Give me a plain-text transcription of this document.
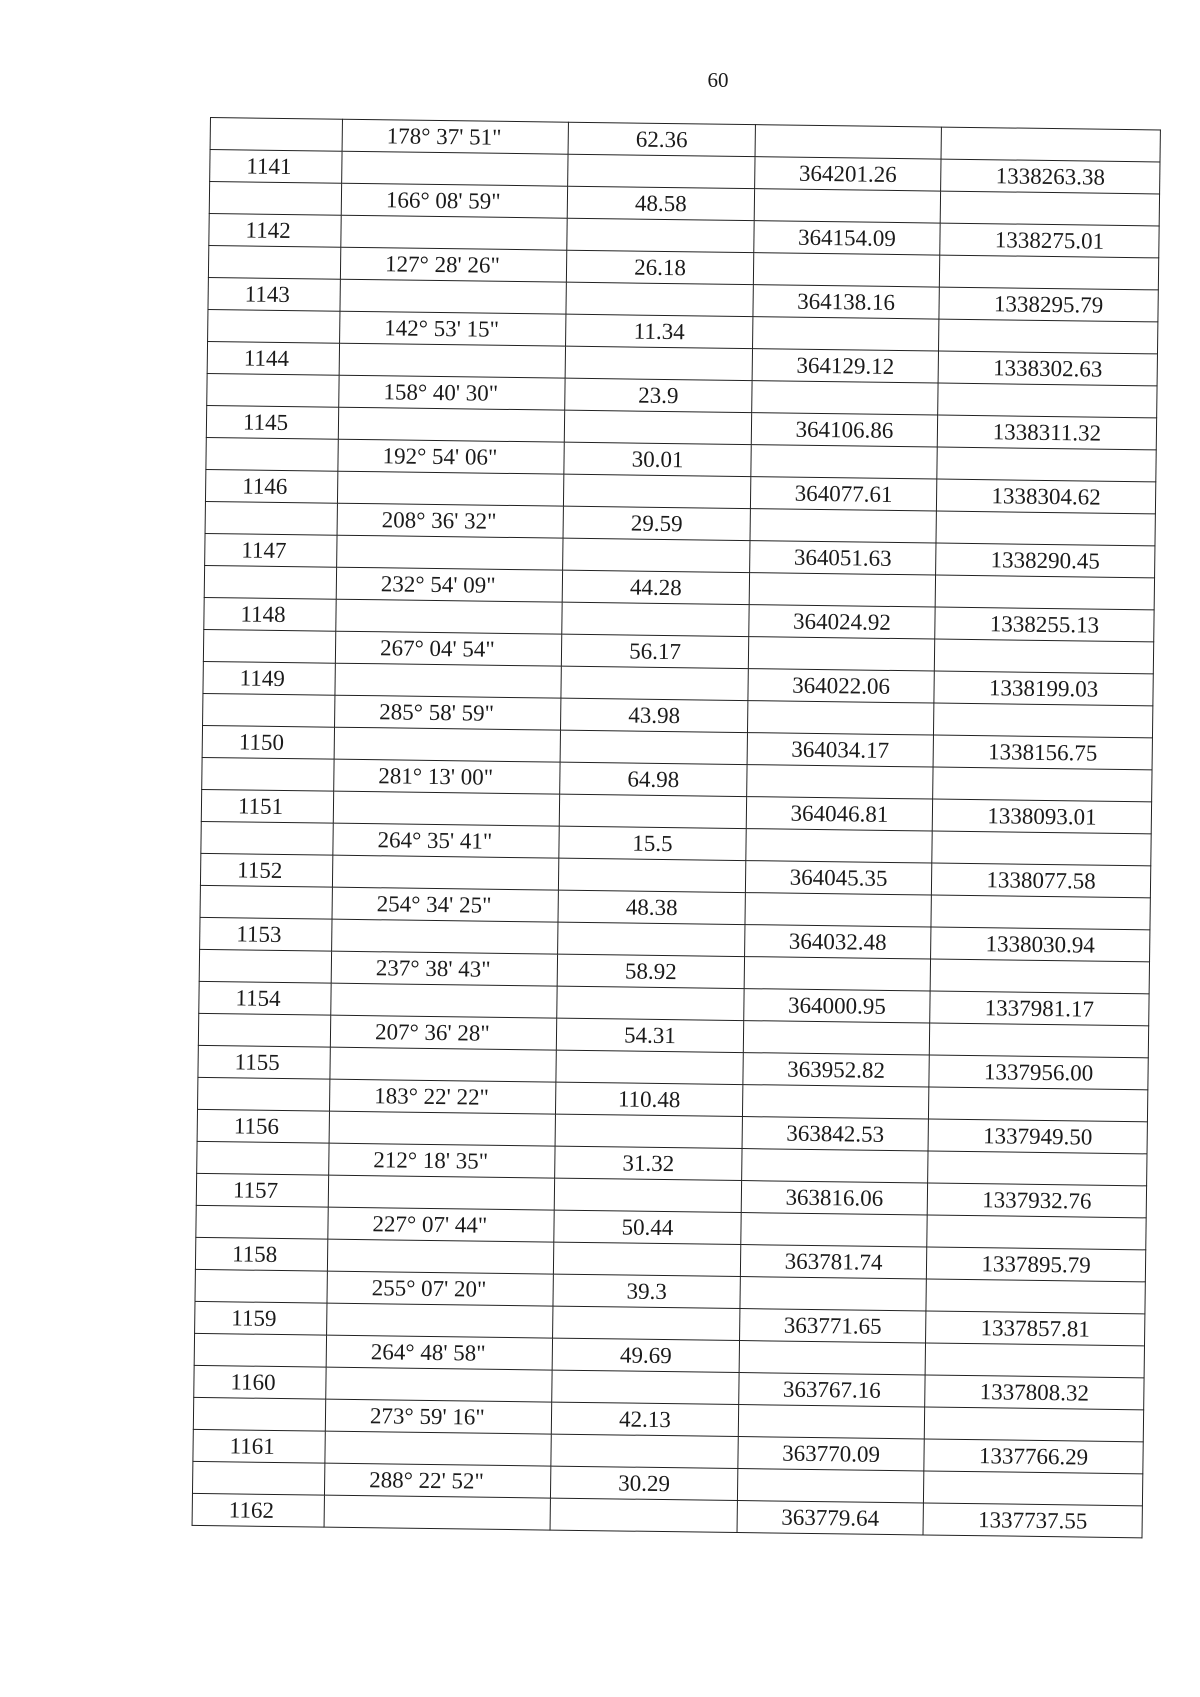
60
	178° 37' 51"	62.36		
1141			364201.26	1338263.38
	166° 08' 59"	48.58		
1142			364154.09	1338275.01
	127° 28' 26"	26.18		
1143			364138.16	1338295.79
	142° 53' 15"	11.34		
1144			364129.12	1338302.63
	158° 40' 30"	23.9		
1145			364106.86	1338311.32
	192° 54' 06"	30.01		
1146			364077.61	1338304.62
	208° 36' 32"	29.59		
1147			364051.63	1338290.45
	232° 54' 09"	44.28		
1148			364024.92	1338255.13
	267° 04' 54"	56.17		
1149			364022.06	1338199.03
	285° 58' 59"	43.98		
1150			364034.17	1338156.75
	281° 13' 00"	64.98		
1151			364046.81	1338093.01
	264° 35' 41"	15.5		
1152			364045.35	1338077.58
	254° 34' 25"	48.38		
1153			364032.48	1338030.94
	237° 38' 43"	58.92		
1154			364000.95	1337981.17
	207° 36' 28"	54.31		
1155			363952.82	1337956.00
	183° 22' 22"	110.48		
1156			363842.53	1337949.50
	212° 18' 35"	31.32		
1157			363816.06	1337932.76
	227° 07' 44"	50.44		
1158			363781.74	1337895.79
	255° 07' 20"	39.3		
1159			363771.65	1337857.81
	264° 48' 58"	49.69		
1160			363767.16	1337808.32
	273° 59' 16"	42.13		
1161			363770.09	1337766.29
	288° 22' 52"	30.29		
1162			363779.64	1337737.55
